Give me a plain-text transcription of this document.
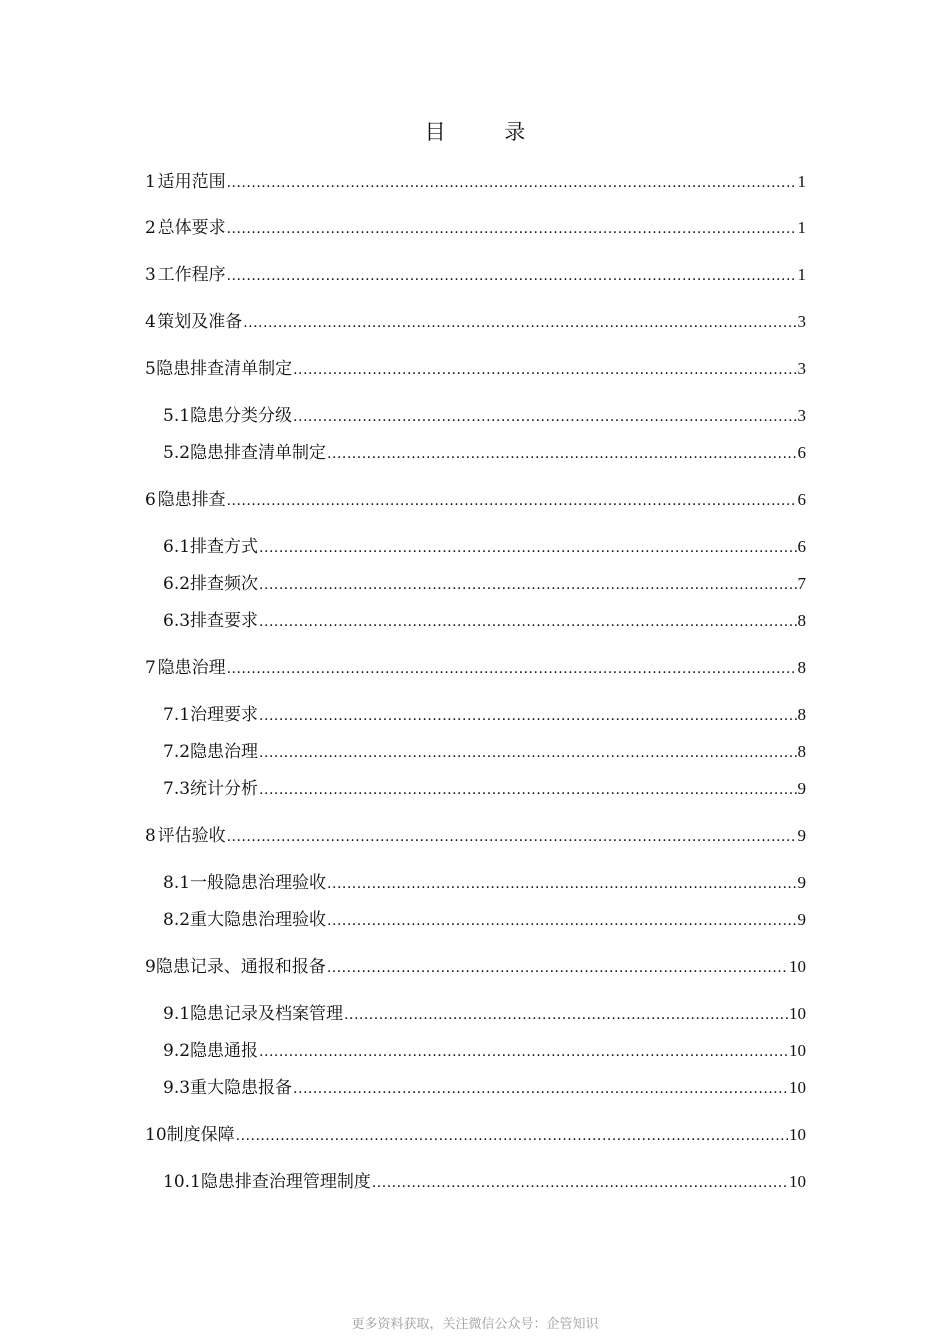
目 录
1 适用范围 .....	1
2 总体要求 .....	1
3 工作程序 .....	1
4 策划及准备 .....	3
5 隐患排查清单制定 .....	3
5.1 隐患分类分级 .....	3
5.2 隐患排查清单制定 .....	6
6 隐患排查 .....	6
6.1 排查方式 .....	6
6.2 排查频次 .....	7
6.3 排查要求 .....	8
7 隐患治理 .....	8
7.1 治理要求 .....	8
7.2 隐患治理 .....	8
7.3 统计分析 .....	9
8 评估验收 .....	9
8.1 一般隐患治理验收 .....	9
8.2 重大隐患治理验收 .....	9
9 隐患记录、通报和报备 .....	10
9.1 隐患记录及档案管理 .....	10
9.2 隐患通报 .....	10
9.3 重大隐患报备 .....	10
10 制度保障 .....	10
10.1 隐患排查治理管理制度 .....	10
更多资料获取，关注微信公众号：企管知识
